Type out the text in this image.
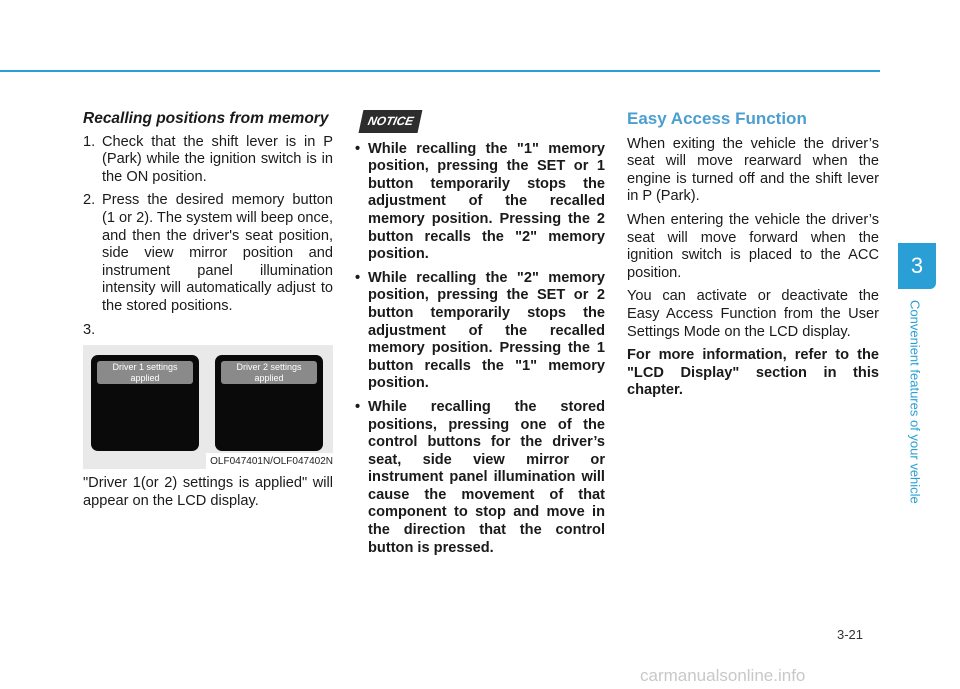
Recalling positions from memory
1. Check that the shift lever is in P (Park) while the ignition switch is in the ON position.
2. Press the desired memory button (1 or 2). The system will beep once, and then the driver's seat position, side view mirror position and instrument panel illumination intensity will automatically adjust to the stored positions.

3.

Driver 1 settings applied
Driver 2 settings applied
OLF047401N/OLF047402N

"Driver 1(or 2) settings is applied" will appear on the LCD display.

NOTICE
• While recalling the "1" memory position, pressing the SET or 1 button temporarily stops the adjustment of the recalled memory position. Pressing the 2 button recalls the "2" memory position.
• While recalling the "2" memory position, pressing the SET or 2 button temporarily stops the adjustment of the recalled memory position. Pressing the 1 button recalls the "1" memory position.
• While recalling the stored positions, pressing one of the control buttons for the driver’s seat, side view mirror or instrument panel illumination will cause the movement of that component to stop and move in the direction that the control button is pressed.
Easy Access Function

When exiting the vehicle the driver’s seat will move rearward when the engine is turned off and the shift lever in P (Park).

When entering the vehicle the driver’s seat will move forward when the ignition switch is placed to the ACC position.

You can activate or deactivate the Easy Access Function from the User Settings Mode on the LCD display.

For more information, refer to the "LCD Display" section in this chapter.

3
Convenient features of your vehicle
3-21
carmanualsonline.info
